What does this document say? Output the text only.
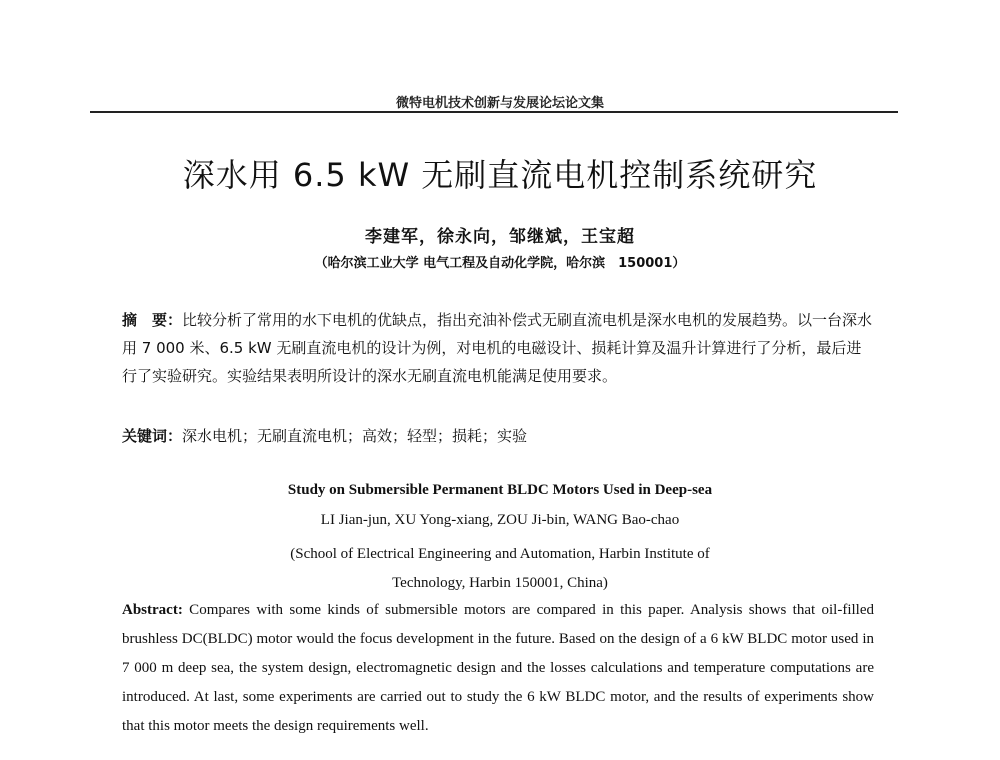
微特电机技术创新与发展论坛论文集
深水用 6.5 kW 无刷直流电机控制系统研究
李建军，徐永向，邹继斌，王宝超
（哈尔滨工业大学 电气工程及自动化学院，哈尔滨　150001）
摘　要：比较分析了常用的水下电机的优缺点，指出充油补偿式无刷直流电机是深水电机的发展趋势。以一台深水用 7 000 米、6.5 kW 无刷直流电机的设计为例，对电机的电磁设计、损耗计算及温升计算进行了分析，最后进行了实验研究。实验结果表明所设计的深水无刷直流电机能满足使用要求。
关键词：深水电机；无刷直流电机；高效；轻型；损耗；实验
Study on Submersible Permanent BLDC Motors Used in Deep-sea
LI Jian-jun, XU Yong-xiang, ZOU Ji-bin, WANG Bao-chao
(School of Electrical Engineering and Automation, Harbin Institute of
Technology, Harbin 150001, China)
Abstract: Compares with some kinds of submersible motors are compared in this paper. Analysis shows that oil-filled brushless DC(BLDC) motor would the focus development in the future. Based on the design of a 6 kW BLDC motor used in 7 000 m deep sea, the system design, electromagnetic design and the losses calculations and temperature computations are introduced. At last, some experiments are carried out to study the 6 kW BLDC motor, and the results of experiments show that this motor meets the design requirements well.
